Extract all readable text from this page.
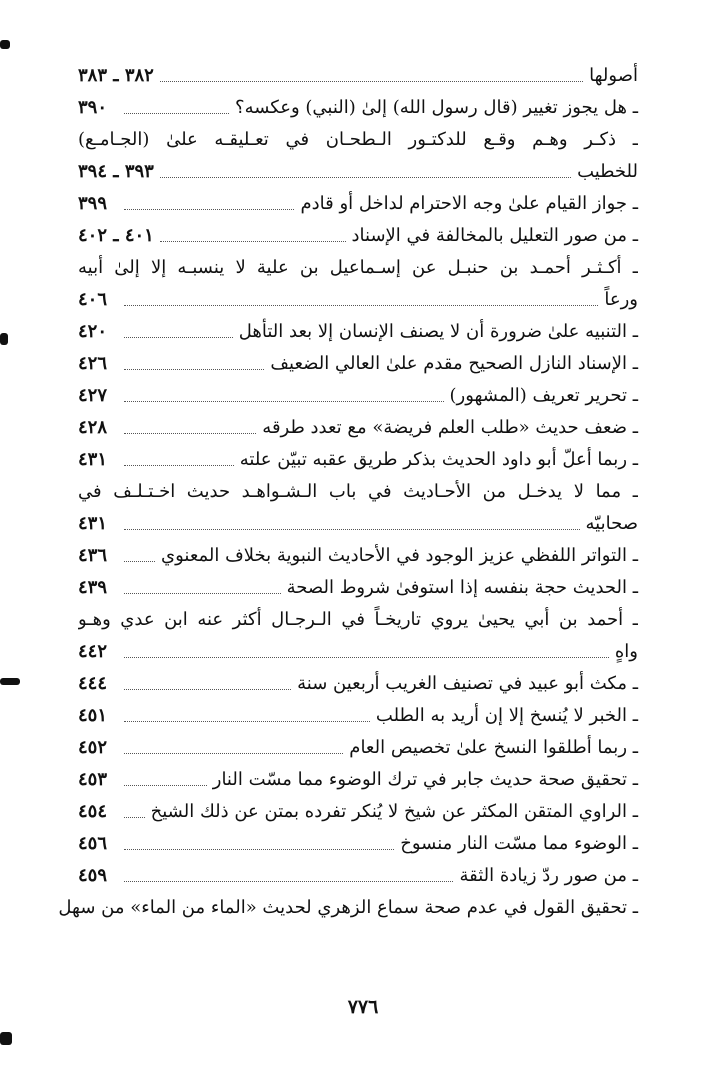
أصولها
٣٨٢ ـ ٣٨٣
ـ هل يجوز تغيير (قال رسول الله) إلىٰ (النبي) وعكسه؟
٣٩٠
ـ ذكـر وهـم وقـع للدكتـور الـطحـان في تعـليقـه علىٰ (الجـامـع)
للخطيب
٣٩٣ ـ ٣٩٤
ـ جواز القيام علىٰ وجه الاحترام لداخل أو قادم
٣٩٩
ـ من صور التعليل بالمخالفة في الإسناد
٤٠١ ـ ٤٠٢
ـ أكـثـر أحمـد بن حنبـل عن إسـماعيل بن علية لا ينسبـه إلا إلىٰ أبيه
ورعاً
٤٠٦
ـ التنبيه علىٰ ضرورة أن لا يصنف الإنسان إلا بعد التأهل
٤٢٠
ـ الإسناد النازل الصحيح مقدم علىٰ العالي الضعيف
٤٢٦
ـ تحرير تعريف (المشهور)
٤٢٧
ـ ضعف حديث «طلب العلم فريضة» مع تعدد طرقه
٤٢٨
ـ ربما أعلّ أبو داود الحديث بذكر طريق عقبه تبيّن علته
٤٣١
ـ مما لا يدخـل من الأحـاديث في باب الـشـواهـد حديث اخـتـلـف في
صحابيّه
٤٣١
ـ التواتر اللفظي عزيز الوجود في الأحاديث النبوية بخلاف المعنوي
٤٣٦
ـ الحديث حجة بنفسه إذا استوفىٰ شروط الصحة
٤٣٩
ـ أحمد بن أبي يحيىٰ يروي تاريخـاً في الـرجـال أكثر عنه ابن عدي وهـو
واهٍ
٤٤٢
ـ مكث أبو عبيد في تصنيف الغريب أربعين سنة
٤٤٤
ـ الخبر لا يُنسخ إلا إن أريد به الطلب
٤٥١
ـ ربما أطلقوا النسخ علىٰ تخصيص العام
٤٥٢
ـ تحقيق صحة حديث جابر في ترك الوضوء مما مسّت النار
٤٥٣
ـ الراوي المتقن المكثر عن شيخ لا يُنكر تفرده بمتن عن ذلك الشيخ
٤٥٤
ـ الوضوء مما مسّت النار منسوخ
٤٥٦
ـ من صور ردّ زيادة الثقة
٤٥٩
ـ تحقيق القول في عدم صحة سماع الزهري لحديث «الماء من الماء» من سهل
٧٧٦
